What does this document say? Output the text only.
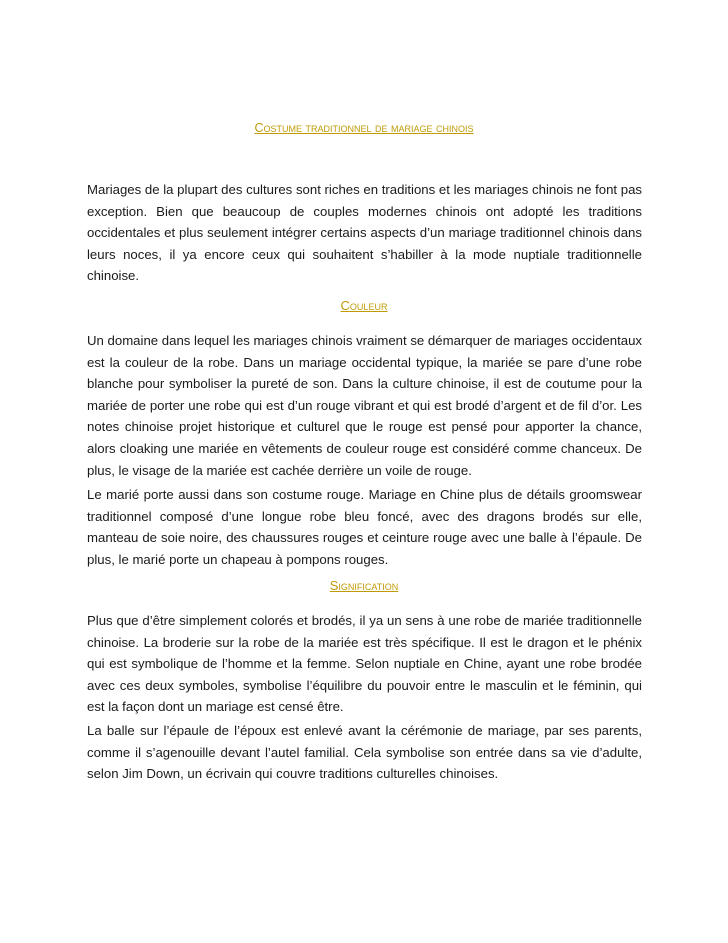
Costume traditionnel de mariage chinois

Mariages de la plupart des cultures sont riches en traditions et les mariages chinois ne font pas exception. Bien que beaucoup de couples modernes chinois ont adopté les traditions occidentales et plus seulement intégrer certains aspects d’un mariage traditionnel chinois dans leurs noces, il ya encore ceux qui souhaitent s’habiller à la mode nuptiale traditionnelle chinoise.

Couleur

Un domaine dans lequel les mariages chinois vraiment se démarquer de mariages occidentaux est la couleur de la robe. Dans un mariage occidental typique, la mariée se pare d’une robe blanche pour symboliser la pureté de son. Dans la culture chinoise, il est de coutume pour la mariée de porter une robe qui est d’un rouge vibrant et qui est brodé d’argent et de fil d’or. Les notes chinoise projet historique et culturel que le rouge est pensé pour apporter la chance, alors cloaking une mariée en vêtements de couleur rouge est considéré comme chanceux. De plus, le visage de la mariée est cachée derrière un voile de rouge.

Le marié porte aussi dans son costume rouge. Mariage en Chine plus de détails groomswear traditionnel composé d’une longue robe bleu foncé, avec des dragons brodés sur elle, manteau de soie noire, des chaussures rouges et ceinture rouge avec une balle à l’épaule. De plus, le marié porte un chapeau à pompons rouges.

Signification

Plus que d’être simplement colorés et brodés, il ya un sens à une robe de mariée traditionnelle chinoise. La broderie sur la robe de la mariée est très spécifique. Il est le dragon et le phénix qui est symbolique de l’homme et la femme. Selon nuptiale en Chine, ayant une robe brodée avec ces deux symboles, symbolise l’équilibre du pouvoir entre le masculin et le féminin, qui est la façon dont un mariage est censé être.

La balle sur l’épaule de l’époux est enlevé avant la cérémonie de mariage, par ses parents, comme il s’agenouille devant l’autel familial. Cela symbolise son entrée dans sa vie d’adulte, selon Jim Down, un écrivain qui couvre traditions culturelles chinoises.
